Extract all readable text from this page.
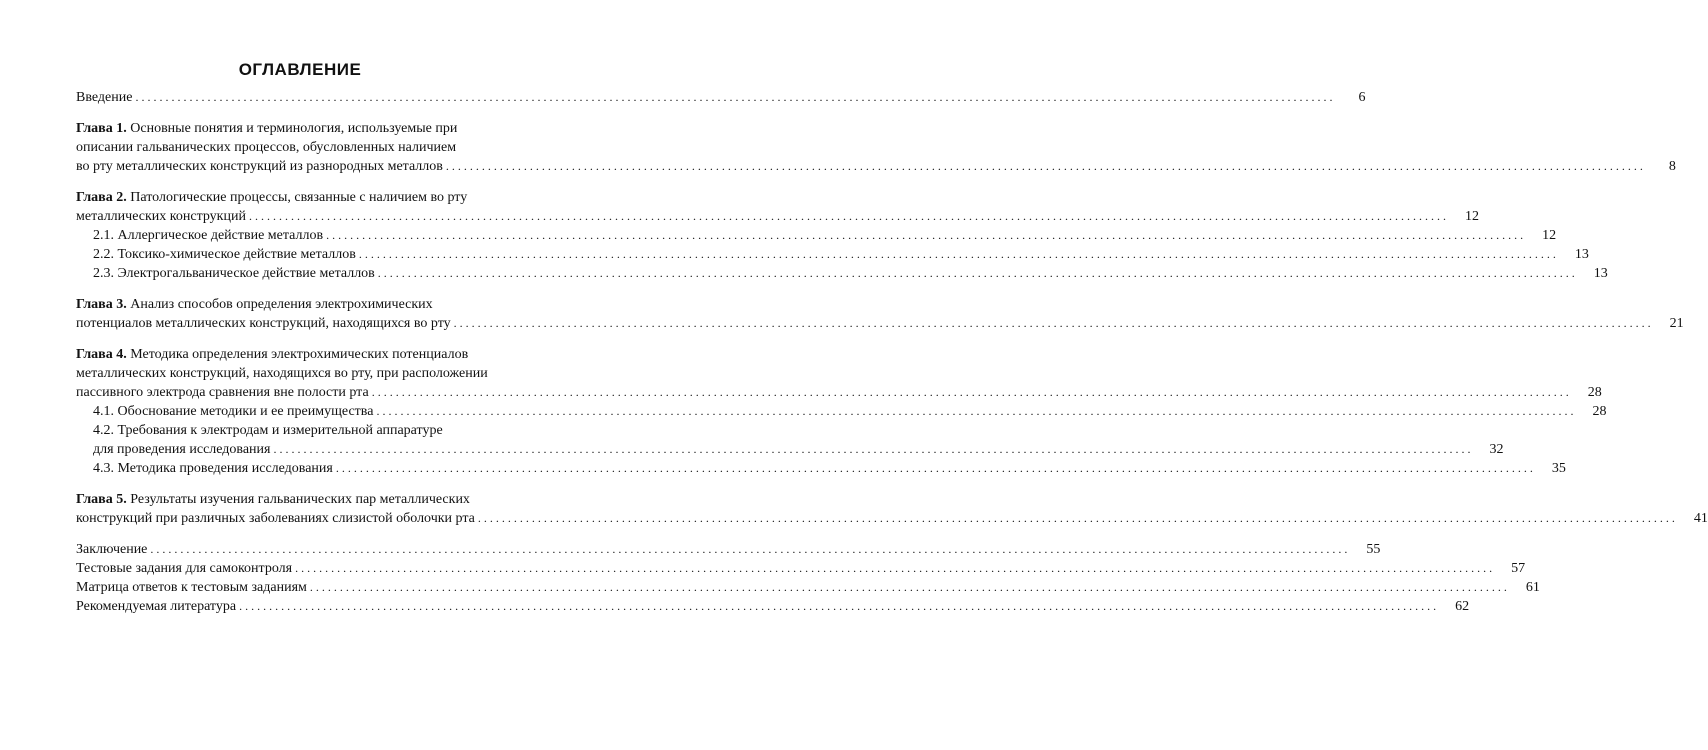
ОГЛАВЛЕНИЕ
Введение ........................................................................................................................................................................................................	6
Глава 1. Основные понятия и терминология, используемые при
описании гальванических процессов, обусловленных наличием
во рту металлических конструкций из разнородных металлов ........................................................................................................................................................................................................	8
Глава 2. Патологические процессы, связанные с наличием во рту
металлических конструкций ........................................................................................................................................................................................................	12
2.1. Аллергическое действие металлов ........................................................................................................................................................................................................	12
2.2. Токсико-химическое действие металлов ........................................................................................................................................................................................................	13
2.3. Электрогальваническое действие металлов ........................................................................................................................................................................................................	13
Глава 3. Анализ способов определения электрохимических
потенциалов металлических конструкций, находящихся во рту ........................................................................................................................................................................................................	21
Глава 4. Методика определения электрохимических потенциалов
металлических конструкций, находящихся во рту, при расположении
пассивного электрода сравнения вне полости рта ........................................................................................................................................................................................................	28
4.1. Обоснование методики и ее преимущества ........................................................................................................................................................................................................	28
4.2. Требования к электродам и измерительной аппаратуре
для проведения исследования ........................................................................................................................................................................................................	32
4.3. Методика проведения исследования ........................................................................................................................................................................................................	35
Глава 5. Результаты изучения гальванических пар металлических
конструкций при различных заболеваниях слизистой оболочки рта ........................................................................................................................................................................................................	41
Заключение ........................................................................................................................................................................................................	55
Тестовые задания для самоконтроля ........................................................................................................................................................................................................	57
Матрица ответов к тестовым заданиям ........................................................................................................................................................................................................	61
Рекомендуемая литература ........................................................................................................................................................................................................	62
